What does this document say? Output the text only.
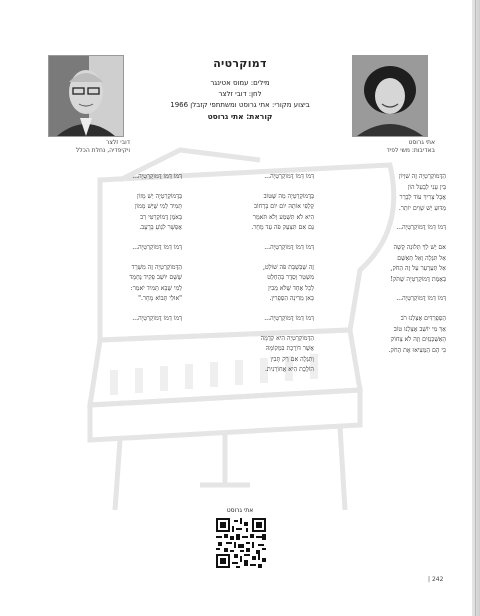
דובי זלצר
ויקיפדיה, נחלת הכלל
אתי גרוסט
באדיבות: משי לפיד

דמוקרטיה

מילים: עמוס אטינגר

לחן: דובי זלצר

ביצוע מקורי: אתי גרוסט ומשתתפי קזבלן 1966

קוראת: אתי גרוסט

הַדֶּמוֹקְרַטְיָה זֶה שִׁוְיוֹן
בֵּין עָנִי לְבַעַל הוֹן
אֲבָל צָרִיךְ עוֹד לְבָרֵר
מַדּוּעַ יֵשׁ שָׁוִים יוֹתֵר.
דְּמוֹ דְּמוֹ דֶּמוֹקְרַטְיָה...
אִם יֵשׁ לְךָ תְּלוּנָה קָשָׁה
אַל תִּגְלֶה וְאַל תְּאַשֵּׁם
אַל תְּעַרְעֵר עַל זֶה הַחֹק,
בְּאֶמֶת דֶּמוֹקְרַטְיָה שֶׁתֹּק!
דְּמוֹ דְּמוֹ דֶּמוֹקְרַטְיָה...
הַסְּפָרַדִּים אֶצְלֵנוּ רֹב
אַךְ מִי יוֹשֵׁב אֶצְלֵנוּ טוֹב
הָאַשְׁכְּנַזִּים וְזֶה לֹא צָחוֹק
כִּי הֵם הַמַּצִּיאוּ אֶת הַחֹק.
דְּמוֹ דְּמוֹ דֶּמוֹקְרַטְיָה...
בַּדֶּמוֹקְרַטְיָה מַה שֶּׁטּוֹב
קַלְפִּי אוֹתָהּ יוֹם יוֹם בָּרְחוֹב
הִיא לֹא תִּשְׁמַע וְלֹא תֹּאמַר
גַּם אִם תִּצְעַק פֹּה עַד מָחָר.
דְּמוֹ דְּמוֹ דֶּמוֹקְרַטְיָה...
זֶה שֶׁבְּשַׁבָּת פֹּה שׁוֹלֵט,
מִשְׁטָר וְסֵדֶר בַּהַחְלֵט
לְכָל אֶחָד שֶׁלֹּא מֵבִין
כָּאן מְדִינָה הַסְּפָרִין.
דְּמוֹ דְּמוֹ דֶּמוֹקְרַטְיָה...
הַדֶּמוֹקְרַטְיָה הִיא קְדֻמָּה
אֲשֶׁר דּוֹרֶכֶת בִּמְקוֹמָהּ
וְתִגְלֶה אִם רַק תָּבִין
הוֹלֶכֶת הִיא אֲחוֹרַנִּית.
דְּמוֹ דְּמוֹ דֶּמוֹקְרַטְיָה...
בַּדֶּמוֹקְרַטְיָה יֵשׁ מָזוֹן
תָּמִיד לְמִי שֶׁיֵּשׁ מָמוֹן
בְּאֹמֶן דֶּמוֹקְרַטִּי רַב
אֶפְשָׁר לִגְוֹעַ בָּרָעָב.
דְּמוֹ דְּמוֹ דֶּמוֹקְרַטְיָה...
הַדֶּמוֹקְרַטְיָה זֶה מִשְׁרָד
שֶׁשָּׁם יוֹשֵׁב פָּקִיד נֶחְמָד
לְמִי שֶׁבָּא תָּמִיד יֹאמַר:
"אוּלַי תָּבוֹא מָחָר."
דְּמוֹ דְּמוֹ דֶּמוֹקְרַטְיָה...
אתי גרוסט
242 |
